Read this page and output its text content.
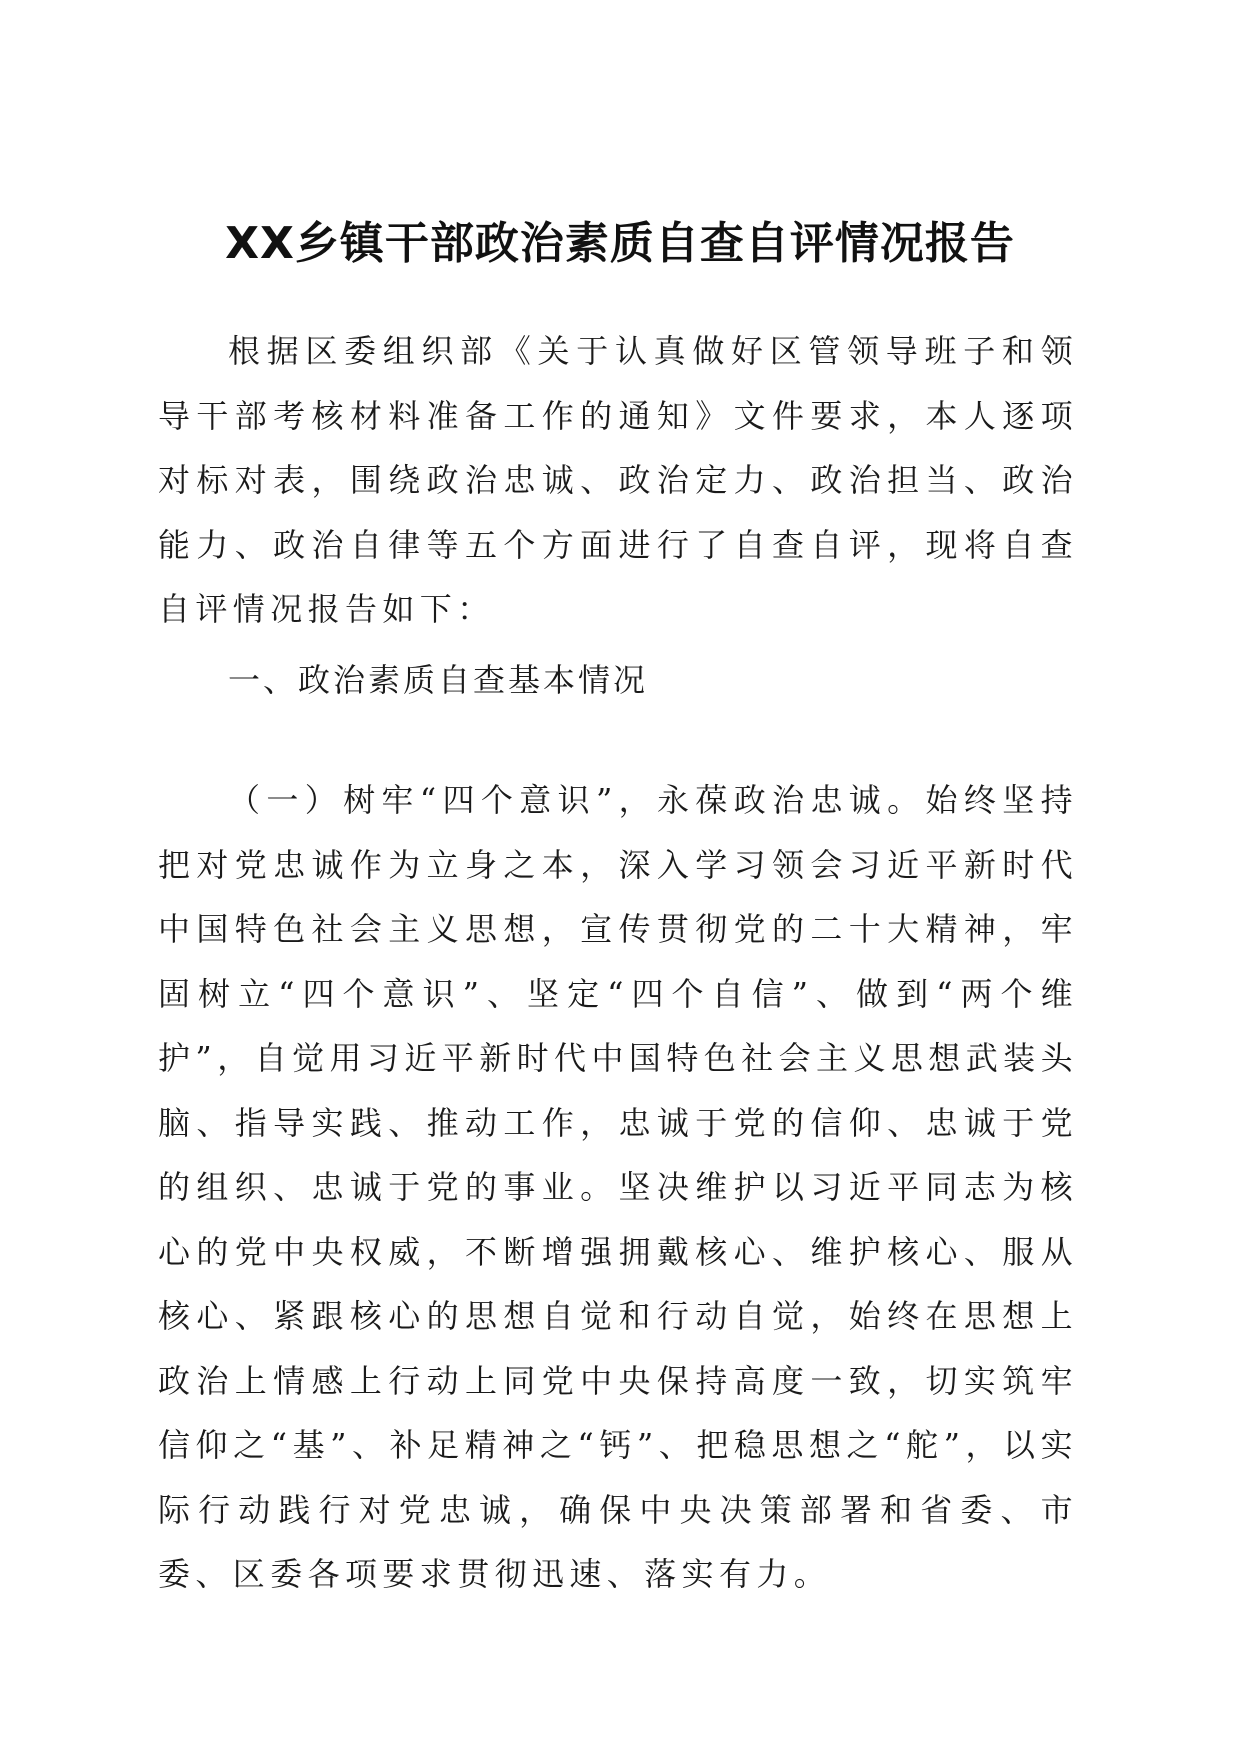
XX乡镇干部政治素质自查自评情况报告

根据区委组织部《关于认真做好区管领导班子和领导干部考核材料准备工作的通知》文件要求，本人逐项对标对表，围绕政治忠诚、政治定力、政治担当、政治能力、政治自律等五个方面进行了自查自评，现将自查自评情况报告如下：

一、政治素质自查基本情况

（一）树牢“四个意识”，永葆政治忠诚。始终坚持把对党忠诚作为立身之本，深入学习领会习近平新时代中国特色社会主义思想，宣传贯彻党的二十大精神，牢固树立“四个意识”、坚定“四个自信”、做到“两个维护”，自觉用习近平新时代中国特色社会主义思想武装头脑、指导实践、推动工作，忠诚于党的信仰、忠诚于党的组织、忠诚于党的事业。坚决维护以习近平同志为核心的党中央权威，不断增强拥戴核心、维护核心、服从核心、紧跟核心的思想自觉和行动自觉，始终在思想上政治上情感上行动上同党中央保持高度一致，切实筑牢信仰之“基”、补足精神之“钙”、把稳思想之“舵”，以实际行动践行对党忠诚，确保中央决策部署和省委、市委、区委各项要求贯彻迅速、落实有力。
